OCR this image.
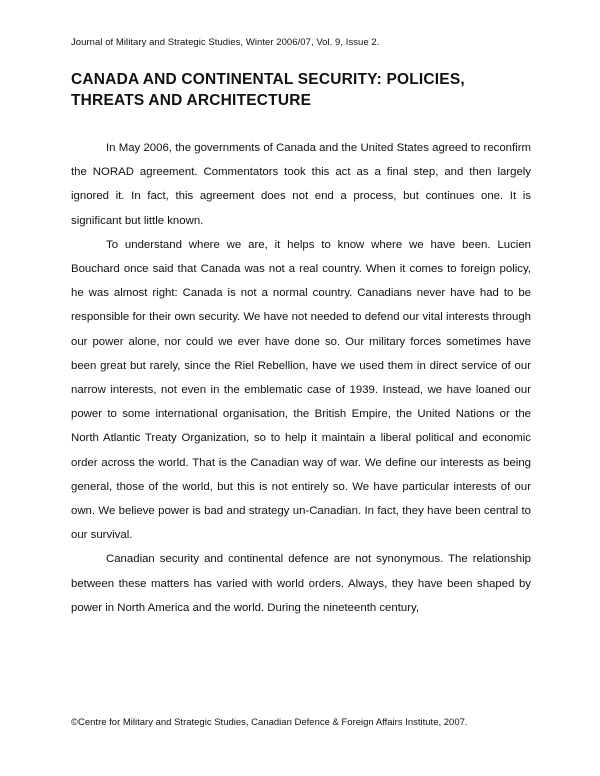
Journal of Military and Strategic Studies, Winter 2006/07, Vol. 9, Issue 2.
CANADA AND CONTINENTAL SECURITY: POLICIES,
THREATS AND ARCHITECTURE

In May 2006, the governments of Canada and the United States agreed to reconfirm the NORAD agreement. Commentators took this act as a final step, and then largely ignored it. In fact, this agreement does not end a process, but continues one. It is significant but little known.

To understand where we are, it helps to know where we have been. Lucien Bouchard once said that Canada was not a real country. When it comes to foreign policy, he was almost right: Canada is not a normal country. Canadians never have had to be responsible for their own security. We have not needed to defend our vital interests through our power alone, nor could we ever have done so. Our military forces sometimes have been great but rarely, since the Riel Rebellion, have we used them in direct service of our narrow interests, not even in the emblematic case of 1939. Instead, we have loaned our power to some international organisation, the British Empire, the United Nations or the North Atlantic Treaty Organization, so to help it maintain a liberal political and economic order across the world. That is the Canadian way of war. We define our interests as being general, those of the world, but this is not entirely so. We have particular interests of our own. We believe power is bad and strategy un-Canadian. In fact, they have been central to our survival.

Canadian security and continental defence are not synonymous. The relationship between these matters has varied with world orders. Always, they have been shaped by power in North America and the world. During the nineteenth century,

©Centre for Military and Strategic Studies, Canadian Defence & Foreign Affairs Institute, 2007.
